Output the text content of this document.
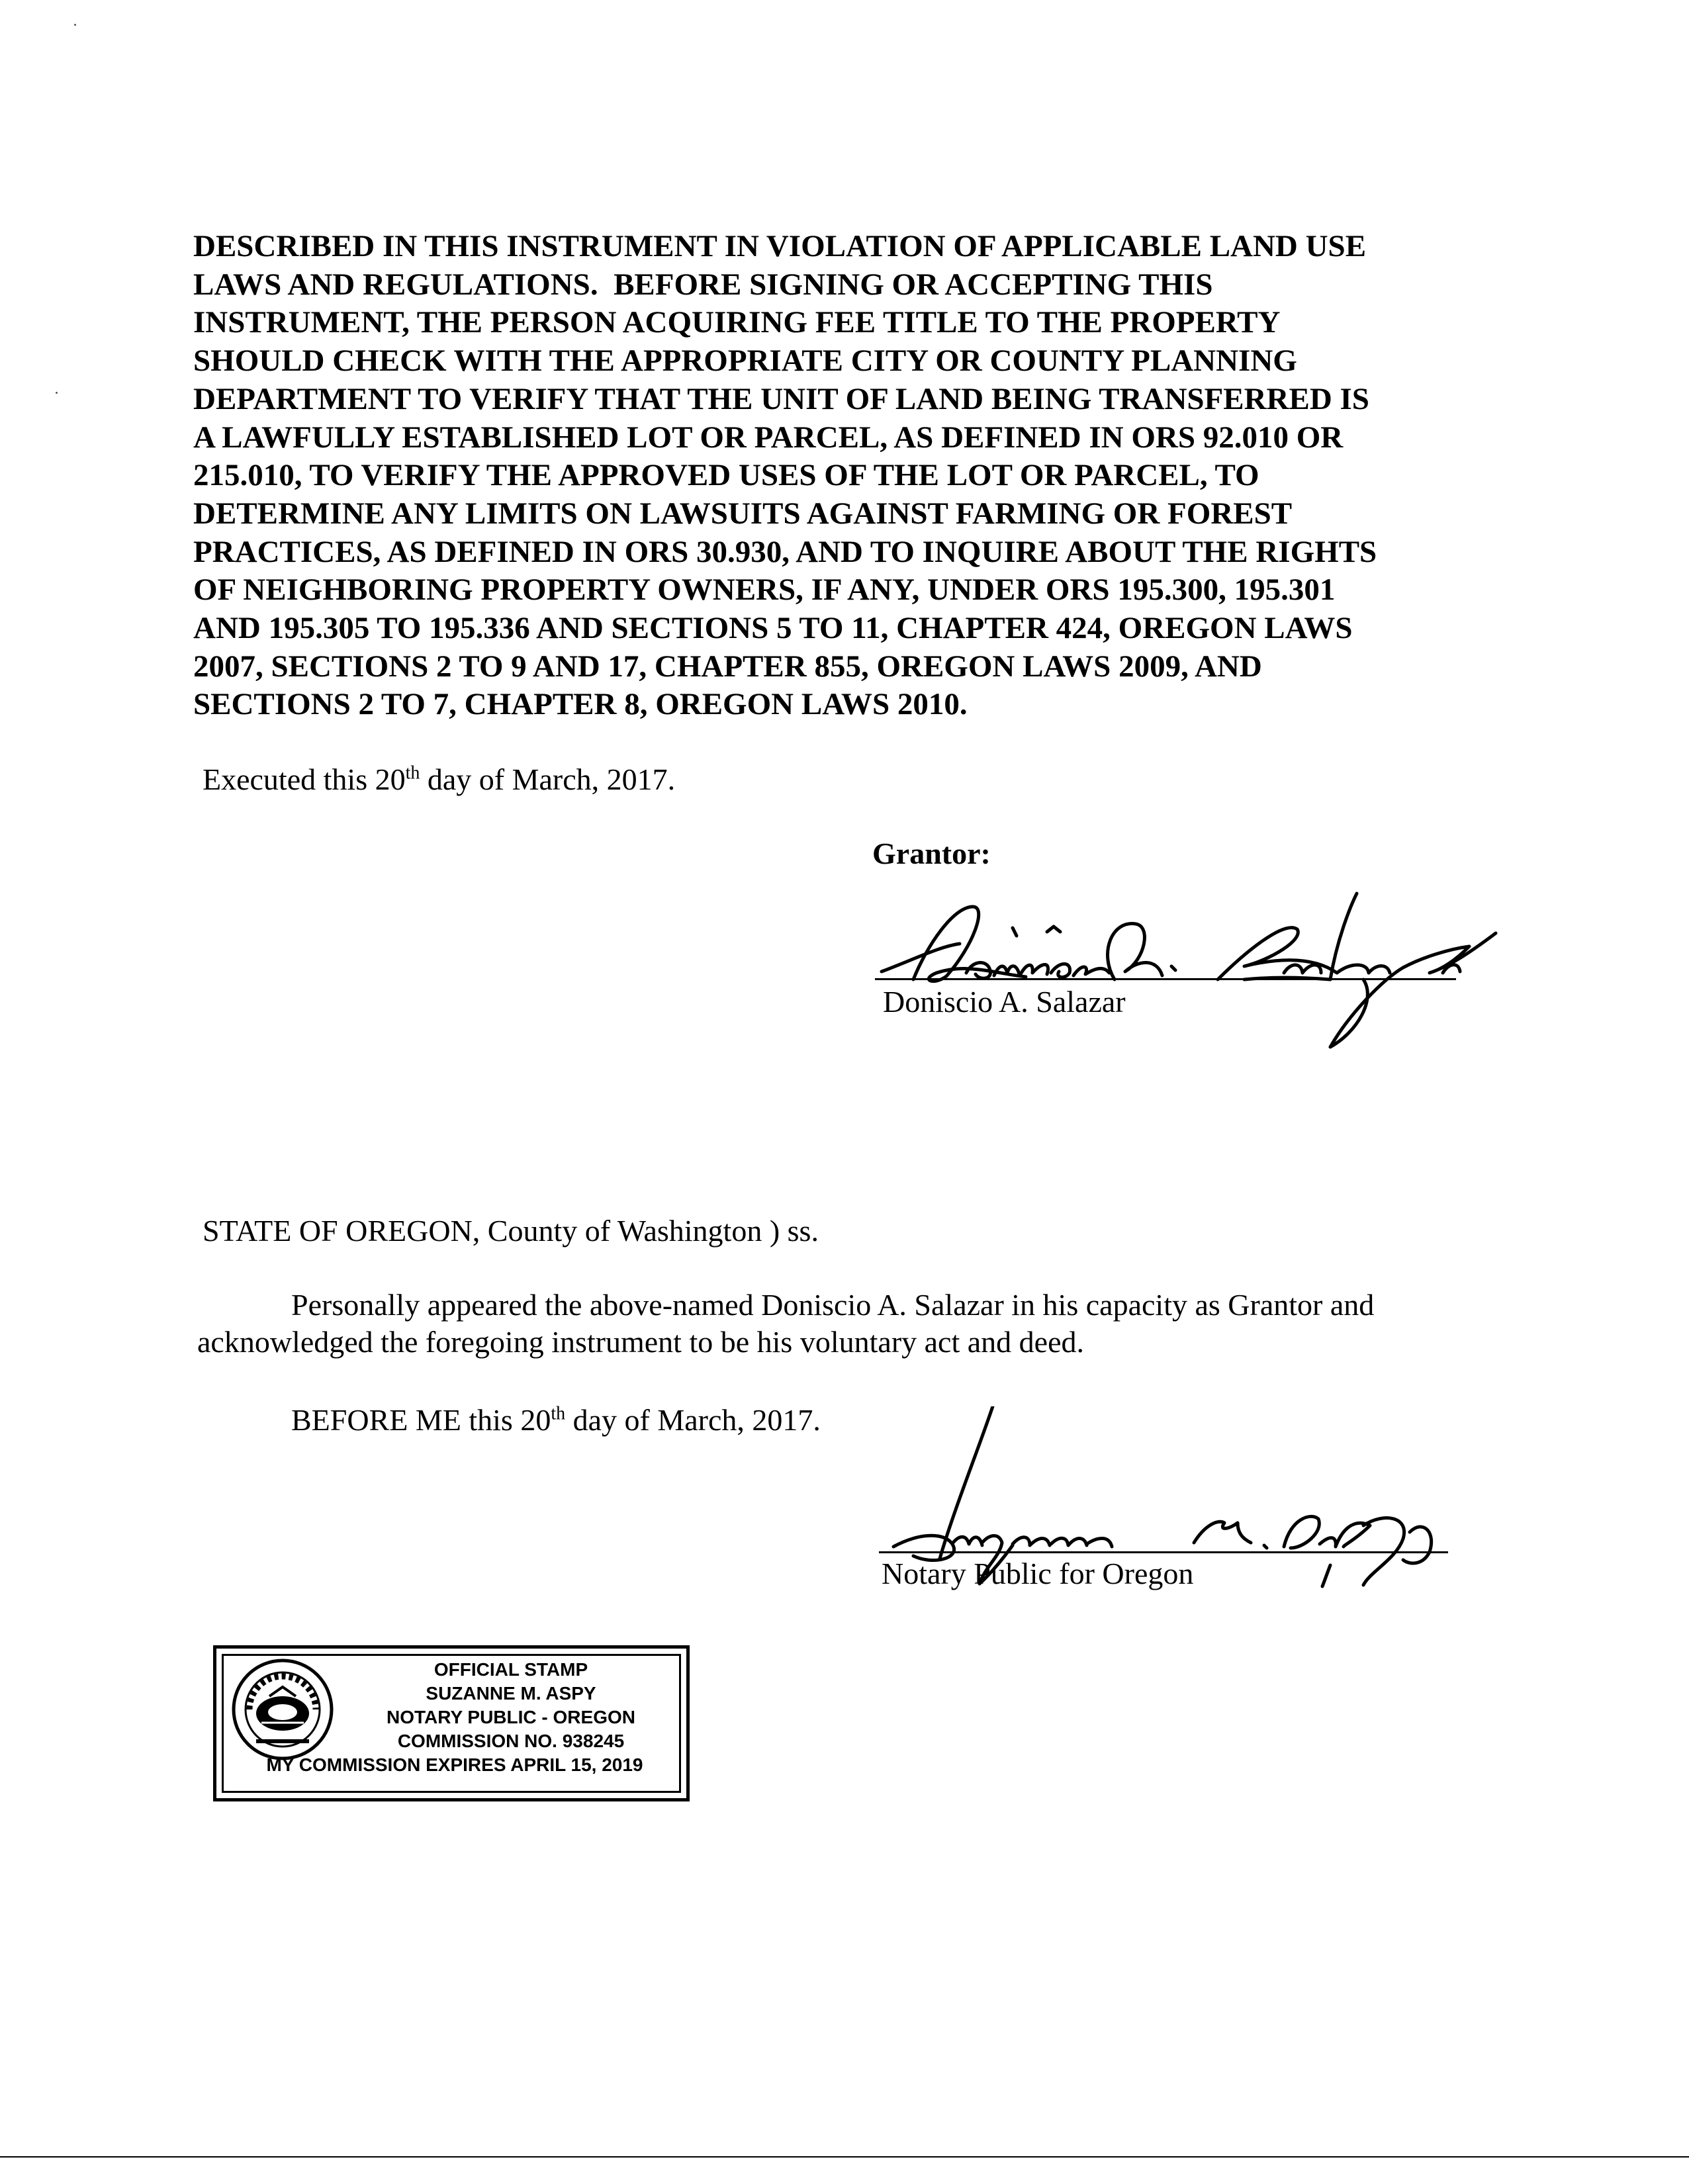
DESCRIBED IN THIS INSTRUMENT IN VIOLATION OF APPLICABLE LAND USE
LAWS AND REGULATIONS.  BEFORE SIGNING OR ACCEPTING THIS
INSTRUMENT, THE PERSON ACQUIRING FEE TITLE TO THE PROPERTY
SHOULD CHECK WITH THE APPROPRIATE CITY OR COUNTY PLANNING
DEPARTMENT TO VERIFY THAT THE UNIT OF LAND BEING TRANSFERRED IS
A LAWFULLY ESTABLISHED LOT OR PARCEL, AS DEFINED IN ORS 92.010 OR
215.010, TO VERIFY THE APPROVED USES OF THE LOT OR PARCEL, TO
DETERMINE ANY LIMITS ON LAWSUITS AGAINST FARMING OR FOREST
PRACTICES, AS DEFINED IN ORS 30.930, AND TO INQUIRE ABOUT THE RIGHTS
OF NEIGHBORING PROPERTY OWNERS, IF ANY, UNDER ORS 195.300, 195.301
AND 195.305 TO 195.336 AND SECTIONS 5 TO 11, CHAPTER 424, OREGON LAWS
2007, SECTIONS 2 TO 9 AND 17, CHAPTER 855, OREGON LAWS 2009, AND
SECTIONS 2 TO 7, CHAPTER 8, OREGON LAWS 2010.
Executed this 20th day of March, 2017.
Grantor:
Doniscio A. Salazar
STATE OF OREGON, County of Washington ) ss.
Personally appeared the above-named Doniscio A. Salazar in his capacity as Grantor and
acknowledged the foregoing instrument to be his voluntary act and deed.
BEFORE ME this 20th day of March, 2017.
Notary Public for Oregon
OFFICIAL STAMP
SUZANNE M. ASPY
NOTARY PUBLIC - OREGON
COMMISSION NO. 938245
MY COMMISSION EXPIRES APRIL 15, 2019
